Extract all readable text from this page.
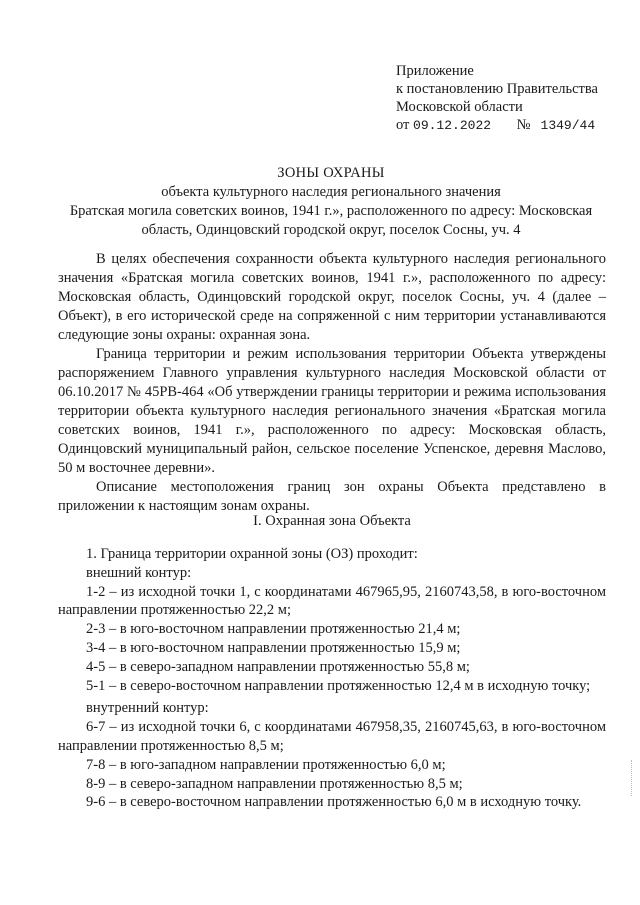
Приложение
к постановлению Правительства
Московской области
от 09.12.2022 № 1349/44
ЗОНЫ ОХРАНЫ
объекта культурного наследия регионального значения
Братская могила советских воинов, 1941 г.», расположенного по адресу: Московская
область, Одинцовский городской округ, поселок Сосны, уч. 4

В целях обеспечения сохранности объекта культурного наследия регионального значения «Братская могила советских воинов, 1941 г.», расположенного по адресу: Московская область, Одинцовский городской округ, поселок Сосны, уч. 4 (далее – Объект), в его исторической среде на сопряженной с ним территории устанавливаются следующие зоны охраны: охранная зона.

Граница территории и режим использования территории Объекта утверждены распоряжением Главного управления культурного наследия Московской области от 06.10.2017 № 45РВ-464 «Об утверждении границы территории и режима использования территории объекта культурного наследия регионального значения «Братская могила советских воинов, 1941 г.», расположенного по адресу: Московская область, Одинцовский муниципальный район, сельское поселение Успенское, деревня Маслово, 50 м восточнее деревни».

Описание местоположения границ зон охраны Объекта представлено в приложении к настоящим зонам охраны.

I. Охранная зона Объекта

1. Граница территории охранной зоны (ОЗ) проходит:

внешний контур:

1-2 – из исходной точки 1, с координатами 467965,95, 2160743,58, в юго-восточном направлении протяженностью 22,2 м;

2-3 – в юго-восточном направлении протяженностью 21,4 м;

3-4 – в юго-восточном направлении протяженностью 15,9 м;

4-5 – в северо-западном направлении протяженностью 55,8 м;

5-1 – в северо-восточном направлении протяженностью 12,4 м в исходную точку;

внутренний контур:

6-7 – из исходной точки 6, с координатами 467958,35, 2160745,63, в юго-восточном направлении протяженностью 8,5 м;

7-8 – в юго-западном направлении протяженностью 6,0 м;

8-9 – в северо-западном направлении протяженностью 8,5 м;

9-6 – в северо-восточном направлении протяженностью 6,0 м в исходную точку.
